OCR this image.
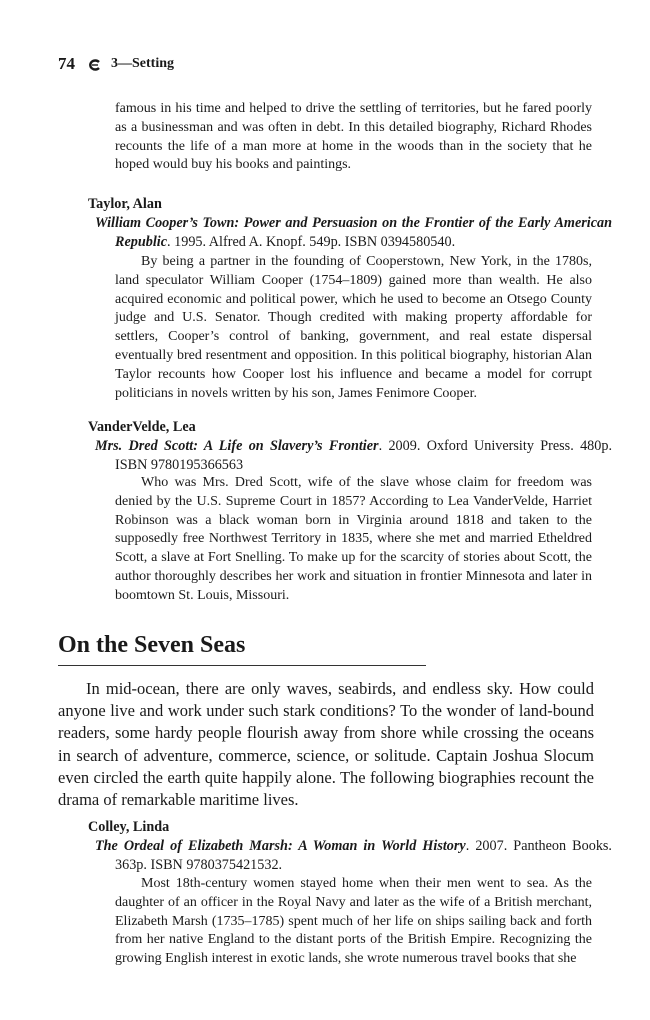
74	3—Setting

famous in his time and helped to drive the settling of territories, but he fared poorly as a businessman and was often in debt. In this detailed biography, Richard Rhodes recounts the life of a man more at home in the woods than in the society that he hoped would buy his books and paintings.

Taylor, Alan

William Cooper’s Town: Power and Persuasion on the Frontier of the Early American Republic. 1995. Alfred A. Knopf. 549p. ISBN 0394580540.

By being a partner in the founding of Cooperstown, New York, in the 1780s, land speculator William Cooper (1754–1809) gained more than wealth. He also acquired economic and political power, which he used to become an Otsego County judge and U.S. Senator. Though credited with making property affordable for settlers, Cooper’s control of banking, government, and real estate dispersal eventually bred resentment and opposition. In this political biography, historian Alan Taylor recounts how Cooper lost his influence and became a model for corrupt politicians in novels written by his son, James Fenimore Cooper.

VanderVelde, Lea

Mrs. Dred Scott: A Life on Slavery’s Frontier. 2009. Oxford University Press. 480p. ISBN 9780195366563

Who was Mrs. Dred Scott, wife of the slave whose claim for freedom was denied by the U.S. Supreme Court in 1857? According to Lea VanderVelde, Harriet Robinson was a black woman born in Virginia around 1818 and taken to the supposedly free Northwest Territory in 1835, where she met and married Etheldred Scott, a slave at Fort Snelling. To make up for the scarcity of stories about Scott, the author thoroughly describes her work and situation in frontier Minnesota and later in boomtown St. Louis, Missouri.

On the Seven Seas

In mid-ocean, there are only waves, seabirds, and endless sky. How could anyone live and work under such stark conditions? To the wonder of land-bound readers, some hardy people flourish away from shore while crossing the oceans in search of adventure, commerce, science, or solitude. Captain Joshua Slocum even circled the earth quite happily alone. The following biographies recount the drama of remarkable maritime lives.

Colley, Linda

The Ordeal of Elizabeth Marsh: A Woman in World History. 2007. Pantheon Books. 363p. ISBN 9780375421532.

Most 18th-century women stayed home when their men went to sea. As the daughter of an officer in the Royal Navy and later as the wife of a British merchant, Elizabeth Marsh (1735–1785) spent much of her life on ships sailing back and forth from her native England to the distant ports of the British Empire. Recognizing the growing English interest in exotic lands, she wrote numerous travel books that she
